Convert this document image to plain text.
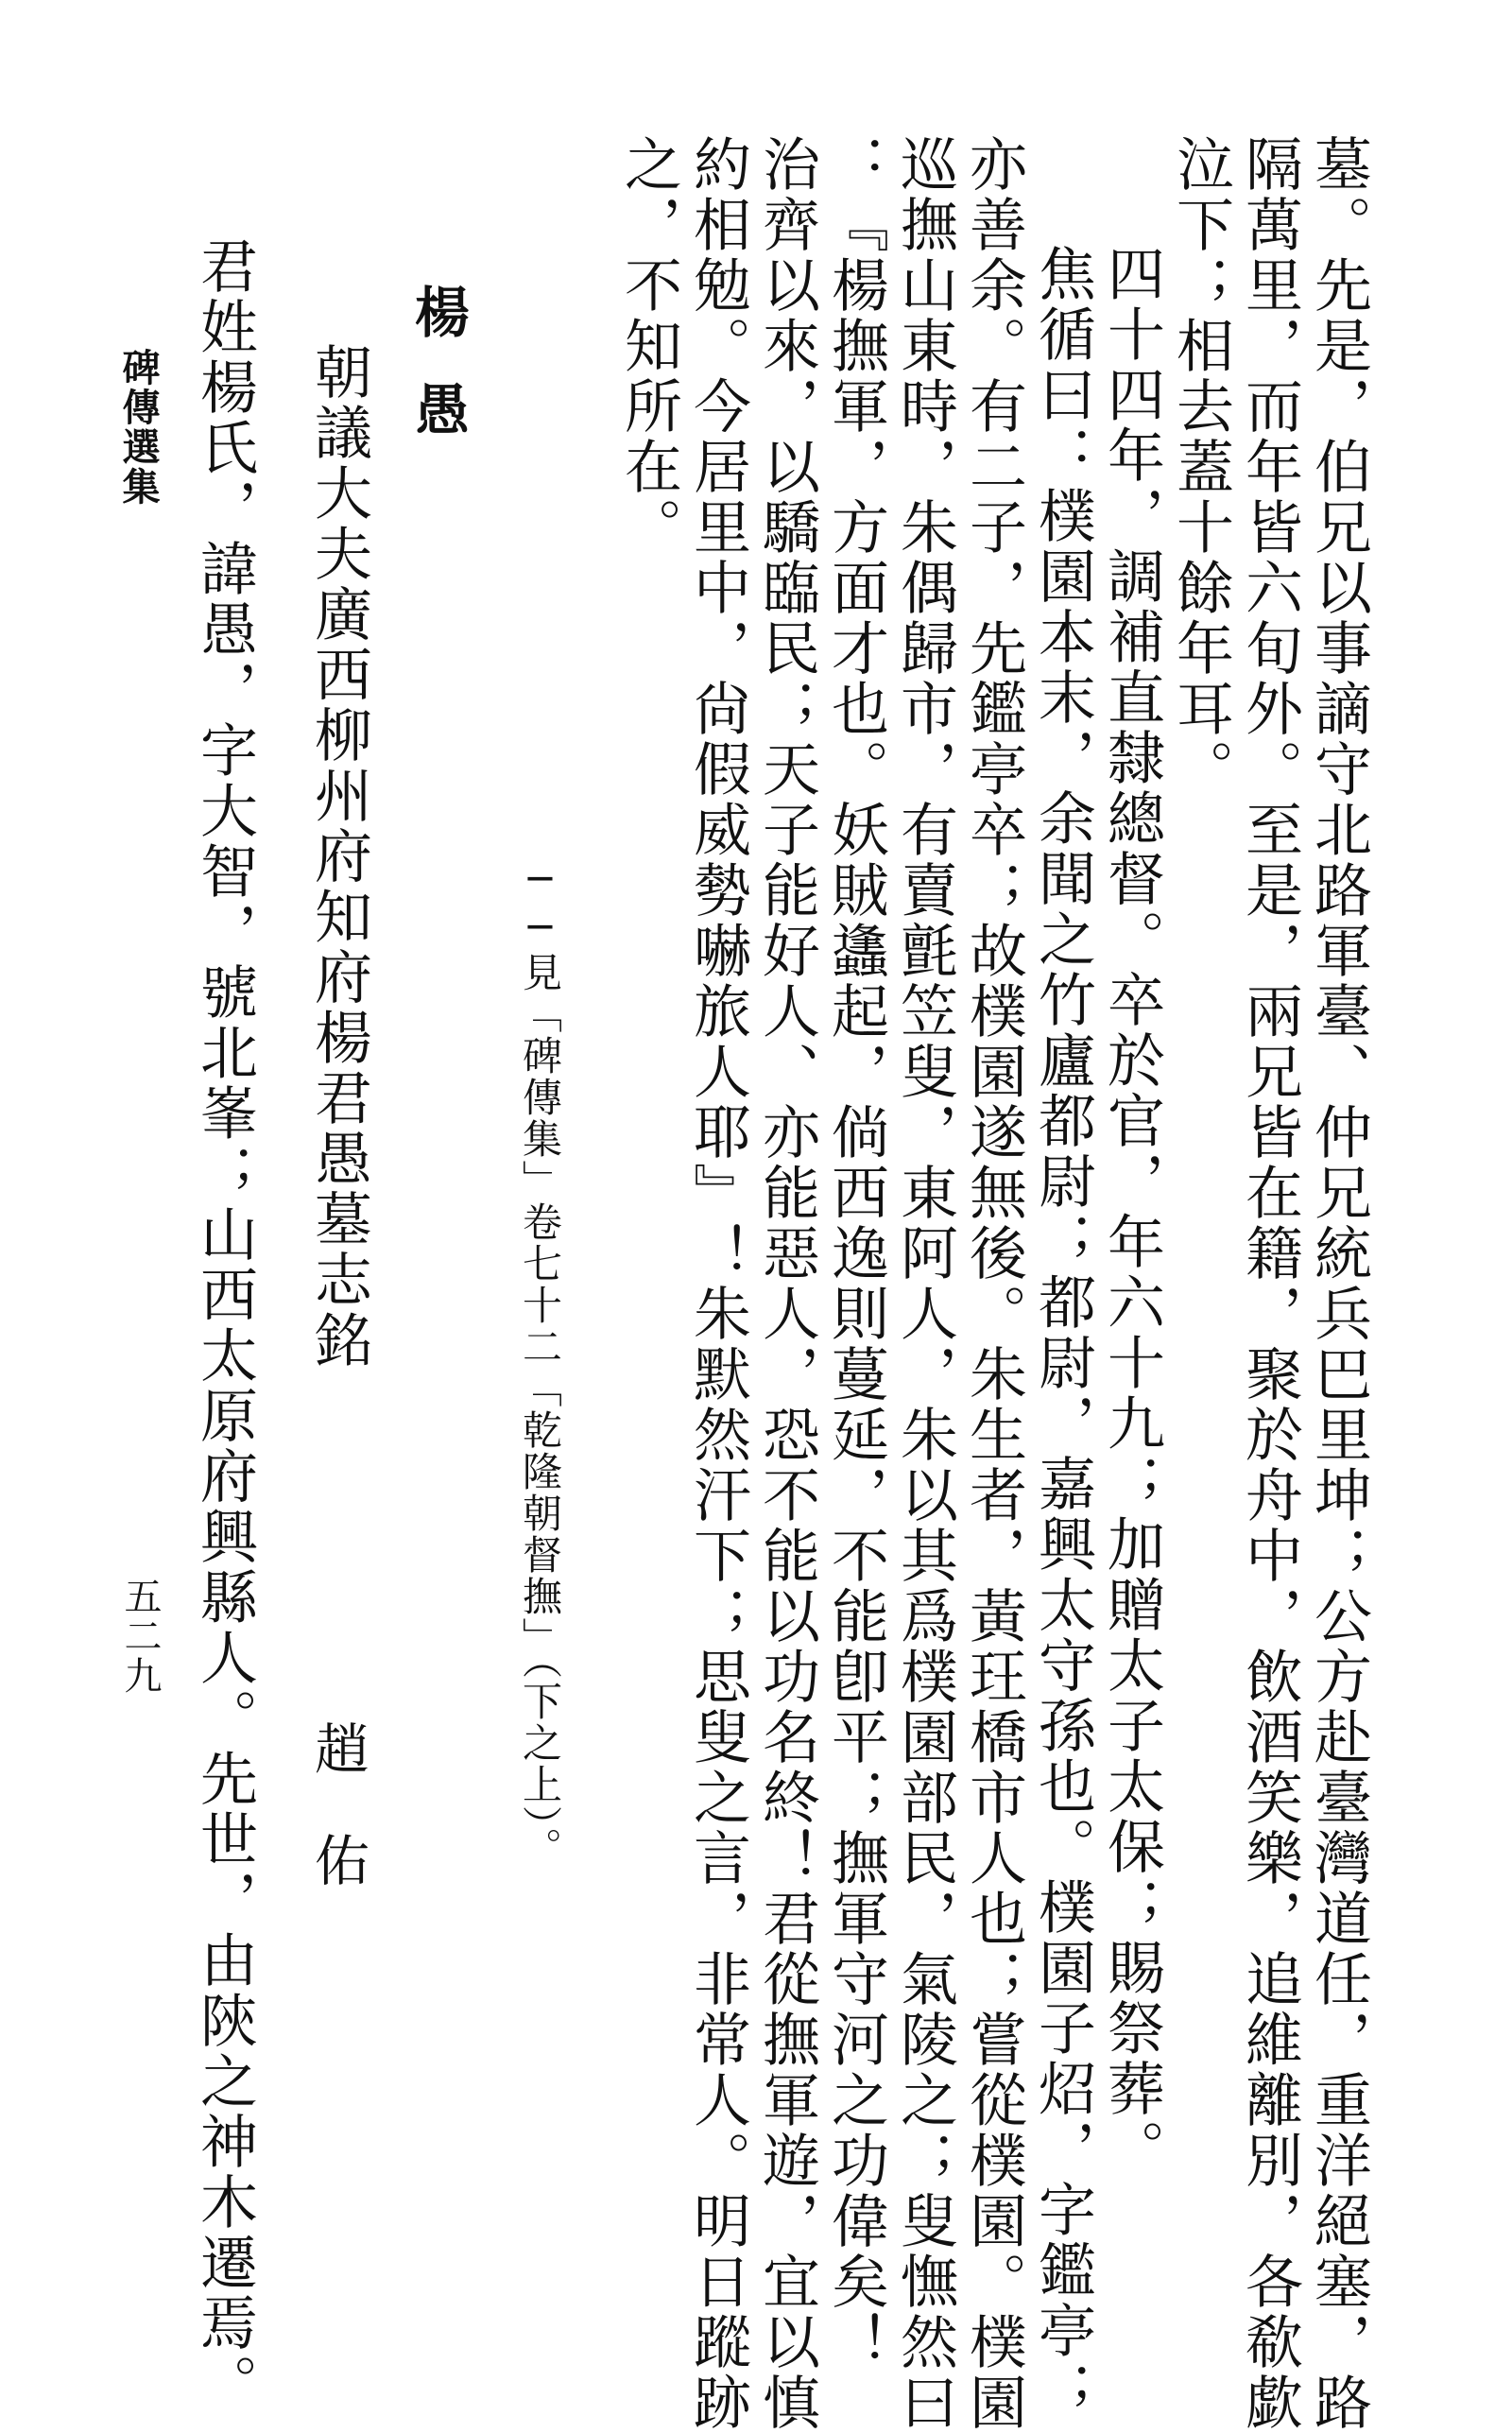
墓。先是，伯兄以事謫守北路軍臺、仲兄統兵巴里坤；公方赴臺灣道任，重洋絕塞，路
隔萬里，而年皆六旬外。至是，兩兄皆在籍，聚於舟中，飲酒笑樂，追維離別，各欷歔
泣下；相去蓋十餘年耳。
四十四年，調補直隸總督。卒於官，年六十九；加贈太子太保；賜祭葬。
焦循曰：樸園本末，余聞之竹廬都尉；都尉，嘉興太守孫也。樸園子炤，字鑑亭；
亦善余。有二子，先鑑亭卒；故樸園遂無後。朱生者，黃玨橋市人也；嘗從樸園。樸園
巡撫山東時，朱偶歸市，有賣氈笠叟，東阿人，朱以其爲樸園部民，氣陵之；叟憮然曰
：『楊撫軍，方面才也。妖賊蠭起，倘西逸則蔓延，不能卽平；撫軍守河之功偉矣！
治齊以來，以驕臨民；天子能好人、亦能惡人，恐不能以功名終！君從撫軍遊，宜以慎
約相勉。今居里中，尙假威勢嚇旅人耶』！朱默然汗下；思叟之言，非常人。明日蹤跡
之，不知所在。
──見「碑傳集」卷七十二「乾隆朝督撫」（下之上）。
楊愚
朝議大夫廣西柳州府知府楊君愚墓志銘
趙佑
君姓楊氏，諱愚，字大智，號北峯；山西太原府興縣人。先世，由陝之神木遷焉。
碑傳選集
五二九
